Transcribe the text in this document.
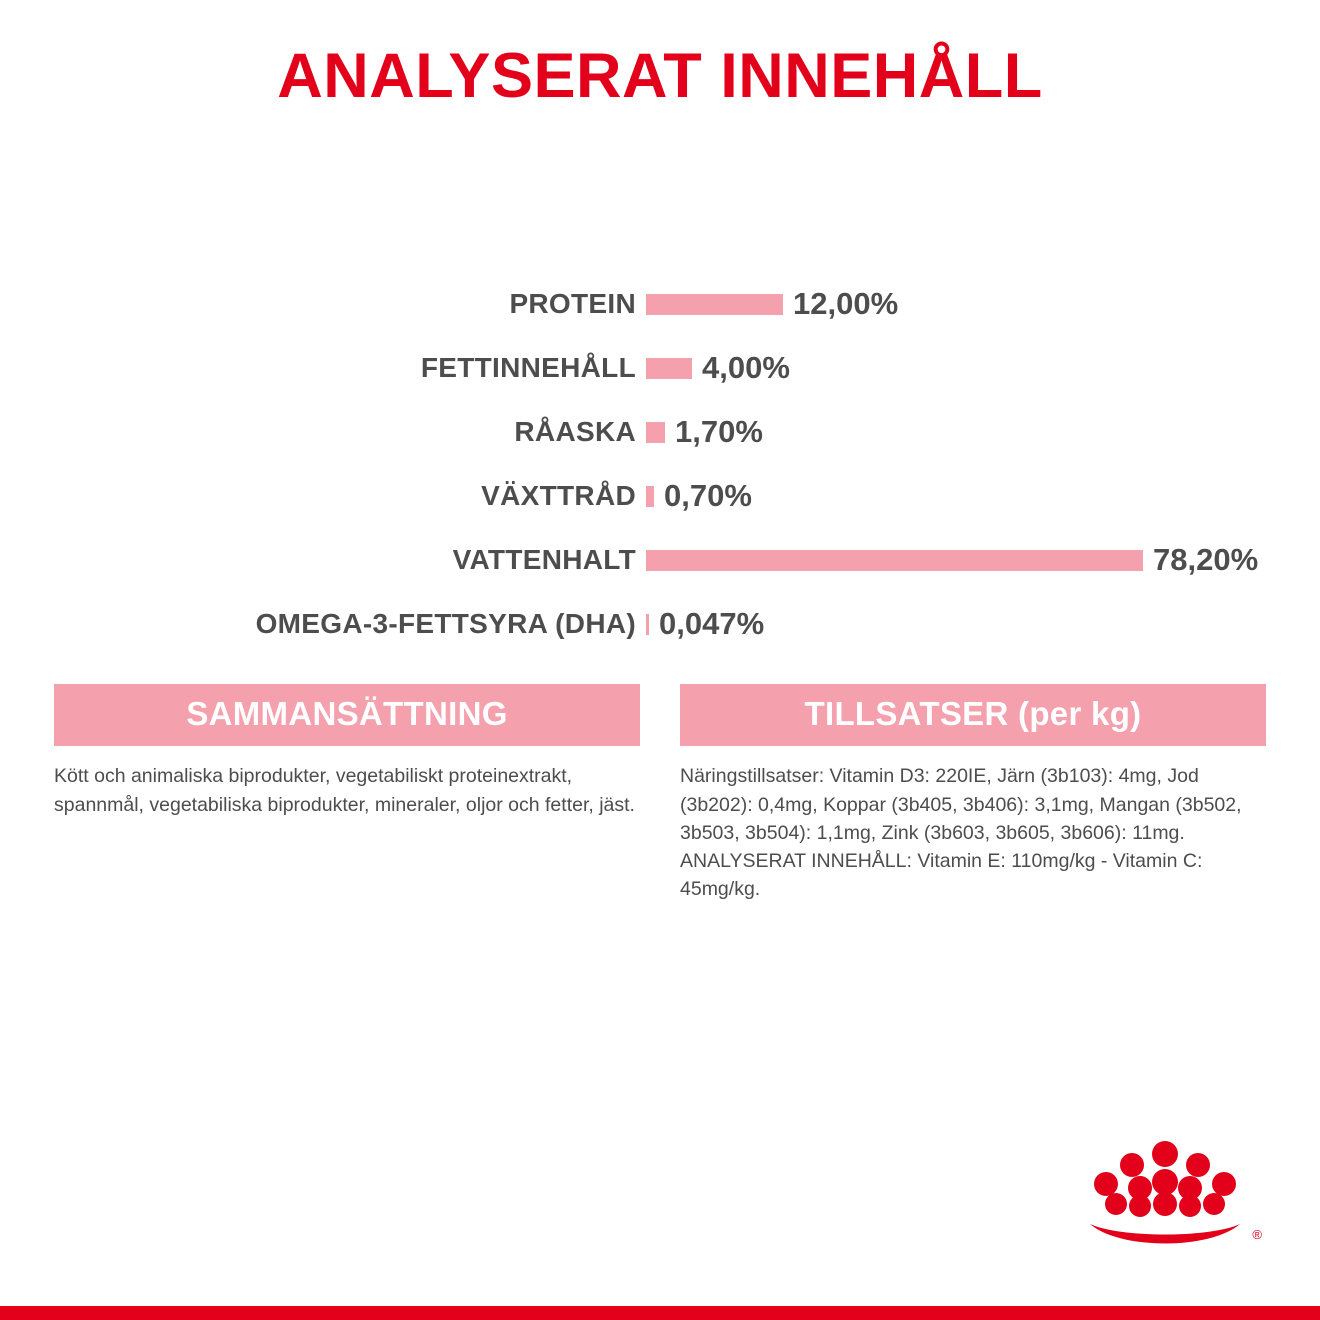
ANALYSERAT INNEHÅLL
PROTEIN	12,00%
FETTINNEHÅLL	4,00%
RÅASKA	1,70%
VÄXTTRÅD 0,70%
VATTENHALT	78,20%
OMEGA-3-FETTSYRA (DHA) 0,047%
SAMMANSÄTTNING
Kött och animaliska biprodukter, vegetabiliskt proteinextrakt, spannmål, vegetabiliska biprodukter, mineraler, oljor och fetter, jäst.
TILLSATSER (per kg)
Näringstillsatser: Vitamin D3: 220IE, Järn (3b103): 4mg, Jod (3b202): 0,4mg, Koppar (3b405, 3b406): 3,1mg, Mangan (3b502, 3b503, 3b504): 1,1mg, Zink (3b603, 3b605, 3b606): 11mg. ANALYSERAT INNEHÅLL: Vitamin E: 110mg/kg - Vitamin C: 45mg/kg.
®
